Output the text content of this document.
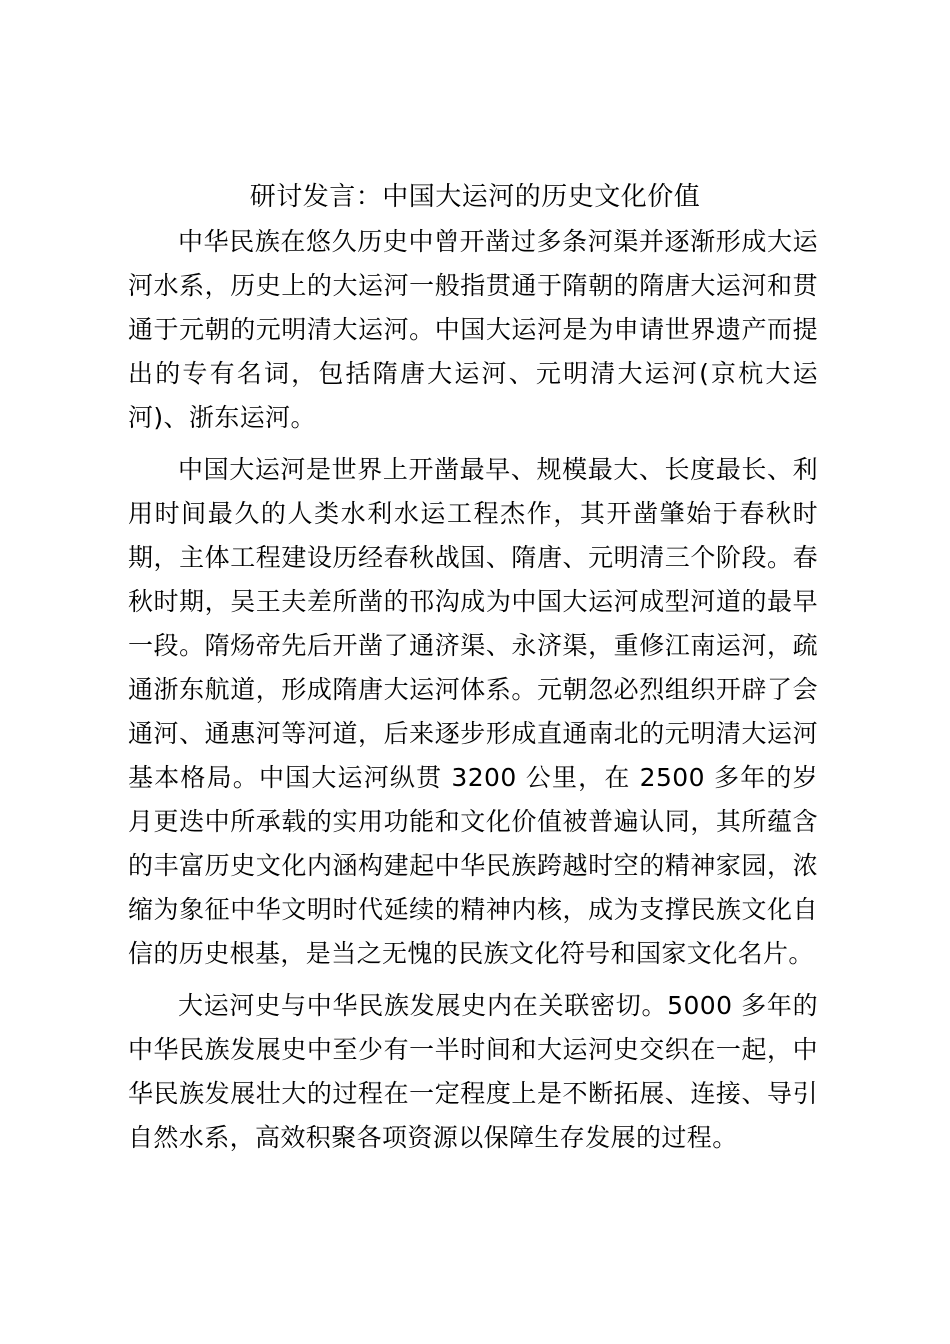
研讨发言：中国大运河的历史文化价值

中华民族在悠久历史中曾开凿过多条河渠并逐渐形成大运河水系，历史上的大运河一般指贯通于隋朝的隋唐大运河和贯通于元朝的元明清大运河。中国大运河是为申请世界遗产而提出的专有名词，包括隋唐大运河、元明清大运河(京杭大运河)、浙东运河。

中国大运河是世界上开凿最早、规模最大、长度最长、利用时间最久的人类水利水运工程杰作，其开凿肇始于春秋时期，主体工程建设历经春秋战国、隋唐、元明清三个阶段。春秋时期，吴王夫差所凿的邗沟成为中国大运河成型河道的最早一段。隋炀帝先后开凿了通济渠、永济渠，重修江南运河，疏通浙东航道，形成隋唐大运河体系。元朝忽必烈组织开辟了会通河、通惠河等河道，后来逐步形成直通南北的元明清大运河基本格局。中国大运河纵贯 3200 公里，在 2500 多年的岁月更迭中所承载的实用功能和文化价值被普遍认同，其所蕴含的丰富历史文化内涵构建起中华民族跨越时空的精神家园，浓缩为象征中华文明时代延续的精神内核，成为支撑民族文化自信的历史根基，是当之无愧的民族文化符号和国家文化名片。

大运河史与中华民族发展史内在关联密切。5000 多年的中华民族发展史中至少有一半时间和大运河史交织在一起，中华民族发展壮大的过程在一定程度上是不断拓展、连接、导引自然水系，高效积聚各项资源以保障生存发展的过程。
